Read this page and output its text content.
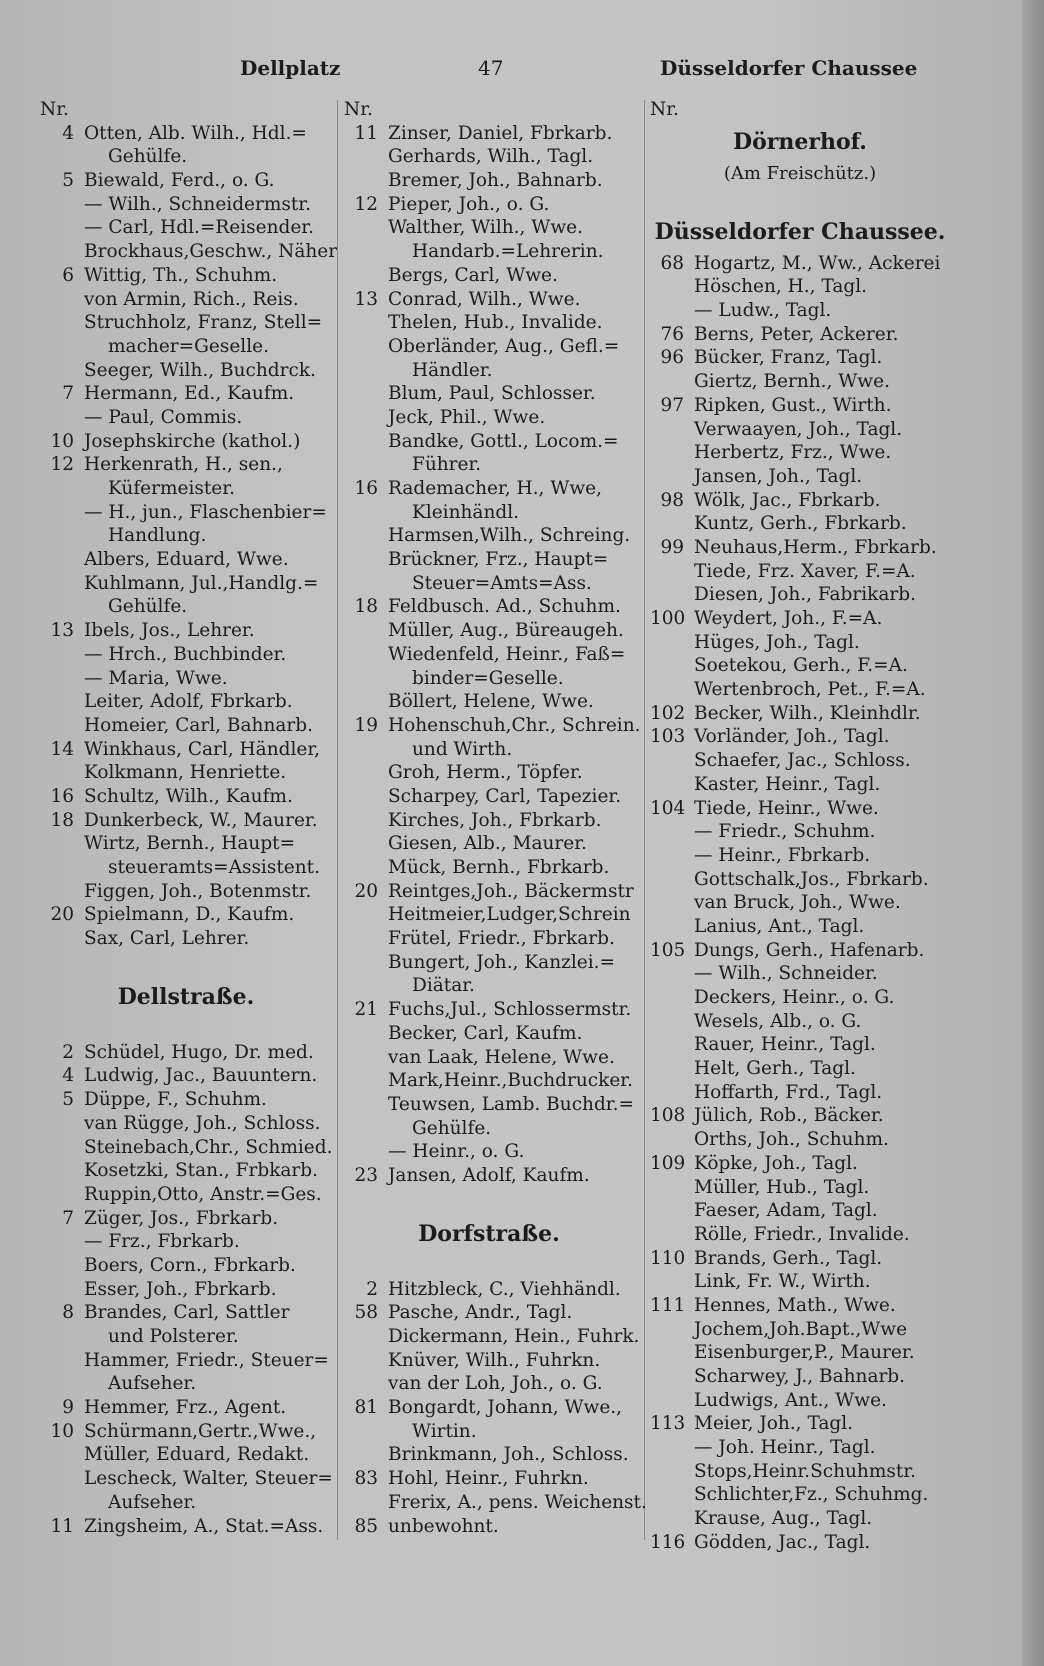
Dellplatz	47	Düsseldorfer Chaussee
Nr.
4 Otten, Alb. Wilh., Hdl.=
Gehülfe.
5 Biewald, Ferd., o. G.
— Wilh., Schneidermstr.
— Carl, Hdl.=Reisender.
Brockhaus,Geschw., Näher
6 Wittig, Th., Schuhm.
von Armin, Rich., Reis.
Struchholz, Franz, Stell=
macher=Geselle.
Seeger, Wilh., Buchdrck.
7 Hermann, Ed., Kaufm.
— Paul, Commis.
10 Josephskirche (kathol.)
12 Herkenrath, H., sen.,
Küfermeister.
— H., jun., Flaschenbier=
Handlung.
Albers, Eduard, Wwe.
Kuhlmann, Jul.,Handlg.=
Gehülfe.
13 Ibels, Jos., Lehrer.
— Hrch., Buchbinder.
— Maria, Wwe.
Leiter, Adolf, Fbrkarb.
Homeier, Carl, Bahnarb.
14 Winkhaus, Carl, Händler,
Kolkmann, Henriette.
16 Schultz, Wilh., Kaufm.
18 Dunkerbeck, W., Maurer.
Wirtz, Bernh., Haupt=
steueramts=Assistent.
Figgen, Joh., Botenmstr.
20 Spielmann, D., Kaufm.
Sax, Carl, Lehrer.
Dellstraße.
2 Schüdel, Hugo, Dr. med.
4 Ludwig, Jac., Bauuntern.
5 Düppe, F., Schuhm.
van Rügge, Joh., Schloss.
Steinebach,Chr., Schmied.
Kosetzki, Stan., Frbkarb.
Ruppin,Otto, Anstr.=Ges.
7 Züger, Jos., Fbrkarb.
— Frz., Fbrkarb.
Boers, Corn., Fbrkarb.
Esser, Joh., Fbrkarb.
8 Brandes, Carl, Sattler
und Polsterer.
Hammer, Friedr., Steuer=
Aufseher.
9 Hemmer, Frz., Agent.
10 Schürmann,Gertr.,Wwe.,
Müller, Eduard, Redakt.
Lescheck, Walter, Steuer=
Aufseher.
11 Zingsheim, A., Stat.=Ass.
Nr.
11 Zinser, Daniel, Fbrkarb.
Gerhards, Wilh., Tagl.
Bremer, Joh., Bahnarb.
12 Pieper, Joh., o. G.
Walther, Wilh., Wwe.
Handarb.=Lehrerin.
Bergs, Carl, Wwe.
13 Conrad, Wilh., Wwe.
Thelen, Hub., Invalide.
Oberländer, Aug., Gefl.=
Händler.
Blum, Paul, Schlosser.
Jeck, Phil., Wwe.
Bandke, Gottl., Locom.=
Führer.
16 Rademacher, H., Wwe,
Kleinhändl.
Harmsen,Wilh., Schreing.
Brückner, Frz., Haupt=
Steuer=Amts=Ass.
18 Feldbusch. Ad., Schuhm.
Müller, Aug., Büreaugeh.
Wiedenfeld, Heinr., Faß=
binder=Geselle.
Böllert, Helene, Wwe.
19 Hohenschuh,Chr., Schrein.
und Wirth.
Groh, Herm., Töpfer.
Scharpey, Carl, Tapezier.
Kirches, Joh., Fbrkarb.
Giesen, Alb., Maurer.
Mück, Bernh., Fbrkarb.
20 Reintges,Joh., Bäckermstr
Heitmeier,Ludger,Schrein
Frütel, Friedr., Fbrkarb.
Bungert, Joh., Kanzlei.=
Diätar.
21 Fuchs,Jul., Schlossermstr.
Becker, Carl, Kaufm.
van Laak, Helene, Wwe.
Mark,Heinr.,Buchdrucker.
Teuwsen, Lamb. Buchdr.=
Gehülfe.
— Heinr., o. G.
23 Jansen, Adolf, Kaufm.
Dorfstraße.
2 Hitzbleck, C., Viehhändl.
58 Pasche, Andr., Tagl.
Dickermann, Hein., Fuhrk.
Knüver, Wilh., Fuhrkn.
van der Loh, Joh., o. G.
81 Bongardt, Johann, Wwe.,
Wirtin.
Brinkmann, Joh., Schloss.
83 Hohl, Heinr., Fuhrkn.
Frerix, A., pens. Weichenst.
85 unbewohnt.
Nr.
Dörnerhof.
(Am Freischütz.)
Düsseldorfer Chaussee.
68 Hogartz, M., Ww., Ackerei
Höschen, H., Tagl.
— Ludw., Tagl.
76 Berns, Peter, Ackerer.
96 Bücker, Franz, Tagl.
Giertz, Bernh., Wwe.
97 Ripken, Gust., Wirth.
Verwaayen, Joh., Tagl.
Herbertz, Frz., Wwe.
Jansen, Joh., Tagl.
98 Wölk, Jac., Fbrkarb.
Kuntz, Gerh., Fbrkarb.
99 Neuhaus,Herm., Fbrkarb.
Tiede, Frz. Xaver, F.=A.
Diesen, Joh., Fabrikarb.
100 Weydert, Joh., F.=A.
Hüges, Joh., Tagl.
Soetekou, Gerh., F.=A.
Wertenbroch, Pet., F.=A.
102 Becker, Wilh., Kleinhdlr.
103 Vorländer, Joh., Tagl.
Schaefer, Jac., Schloss.
Kaster, Heinr., Tagl.
104 Tiede, Heinr., Wwe.
— Friedr., Schuhm.
— Heinr., Fbrkarb.
Gottschalk,Jos., Fbrkarb.
van Bruck, Joh., Wwe.
Lanius, Ant., Tagl.
105 Dungs, Gerh., Hafenarb.
— Wilh., Schneider.
Deckers, Heinr., o. G.
Wesels, Alb., o. G.
Rauer, Heinr., Tagl.
Helt, Gerh., Tagl.
Hoffarth, Frd., Tagl.
108 Jülich, Rob., Bäcker.
Orths, Joh., Schuhm.
109 Köpke, Joh., Tagl.
Müller, Hub., Tagl.
Faeser, Adam, Tagl.
Rölle, Friedr., Invalide.
110 Brands, Gerh., Tagl.
Link, Fr. W., Wirth.
111 Hennes, Math., Wwe.
Jochem,Joh.Bapt.,Wwe
Eisenburger,P., Maurer.
Scharwey, J., Bahnarb.
Ludwigs, Ant., Wwe.
113 Meier, Joh., Tagl.
— Joh. Heinr., Tagl.
Stops,Heinr.Schuhmstr.
Schlichter,Fz., Schuhmg.
Krause, Aug., Tagl.
116 Gödden, Jac., Tagl.
